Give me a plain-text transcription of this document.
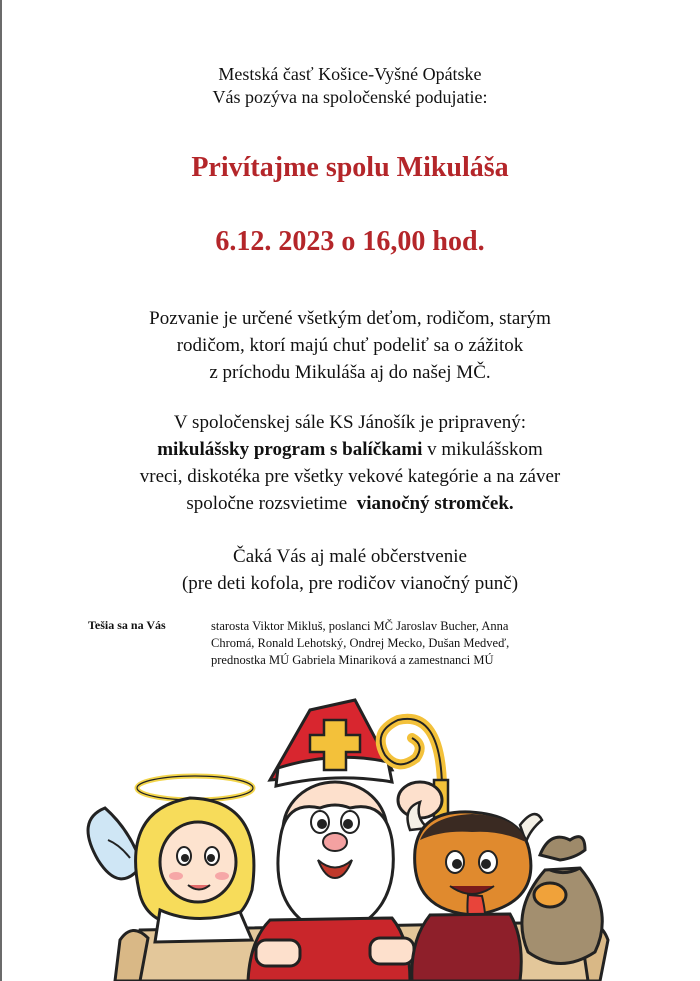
Mestská časť Košice-Vyšné Opátske
Vás pozýva na spoločenské podujatie:
Privítajme spolu Mikuláša
6.12. 2023 o 16,00 hod.
Pozvanie je určené všetkým deťom, rodičom, starým
rodičom, ktorí majú chuť podeliť sa o zážitok
z príchodu Mikuláša aj do našej MČ.
V spoločenskej sále KS Jánošík je pripravený:
mikulášsky program s balíčkami v mikulášskom
vreci, diskotéka pre všetky vekové kategórie a na záver
spoločne rozsvietime  vianočný stromček.
Čaká Vás aj malé občerstvenie
(pre deti kofola, pre rodičov vianočný punč)
Tešia sa na Vás	starosta Viktor Mikluš, poslanci MČ Jaroslav Bucher, Anna
Chromá, Ronald Lehotský, Ondrej Mecko, Dušan Medveď,
prednostka MÚ Gabriela Minariková a zamestnanci MÚ
